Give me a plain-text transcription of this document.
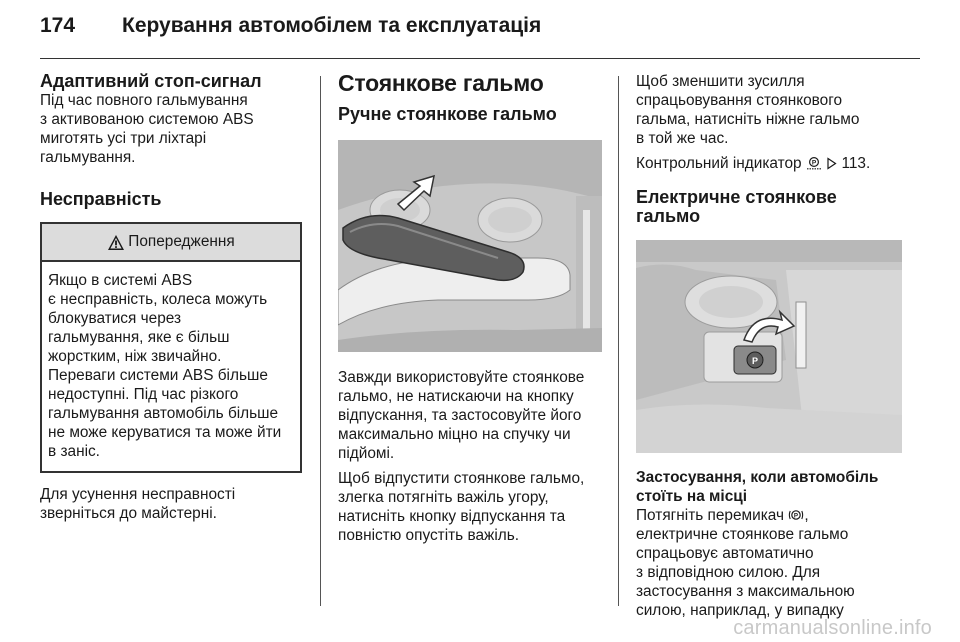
174	Керування автомобілем та експлуатація

Адаптивний стоп-сигнал

Під час повного гальмування

з активованою системою ABS

миготять усі три ліхтарі

гальмування.

Несправність

Попередження

Якщо в системі ABS

є несправність, колеса можуть

блокуватися через

гальмування, яке є більш

жорстким, ніж звичайно.

Переваги системи ABS більше

недоступні. Під час різкого

гальмування автомобіль більше

не може керуватися та може йти

в заніс.

Для усунення несправності

зверніться до майстерні.

Стоянкове гальмо

Ручне стоянкове гальмо

Завжди використовуйте стоянкове

гальмо, не натискаючи на кнопку

відпускання, та застосовуйте його

максимально міцно на спучку чи

підйомі.

Щоб відпустити стоянкове гальмо,

злегка потягніть важіль угору,

натисніть кнопку відпускання та

повністю опустіть важіль.

Щоб зменшити зусилля

спрацьовування стоянкового

гальма, натисніть ніжне гальмо

в той же час.

Контрольний індикатор P 113.

Електричне стоянкове гальмо

P

Застосування, коли автомобіль

стоїть на місці

Потягніть перемикач P ,

електричне стоянкове гальмо

спрацьовує автоматично

з відповідною силою. Для

застосування з максимальною

силою, наприклад, у випадку

carmanualsonline.info
